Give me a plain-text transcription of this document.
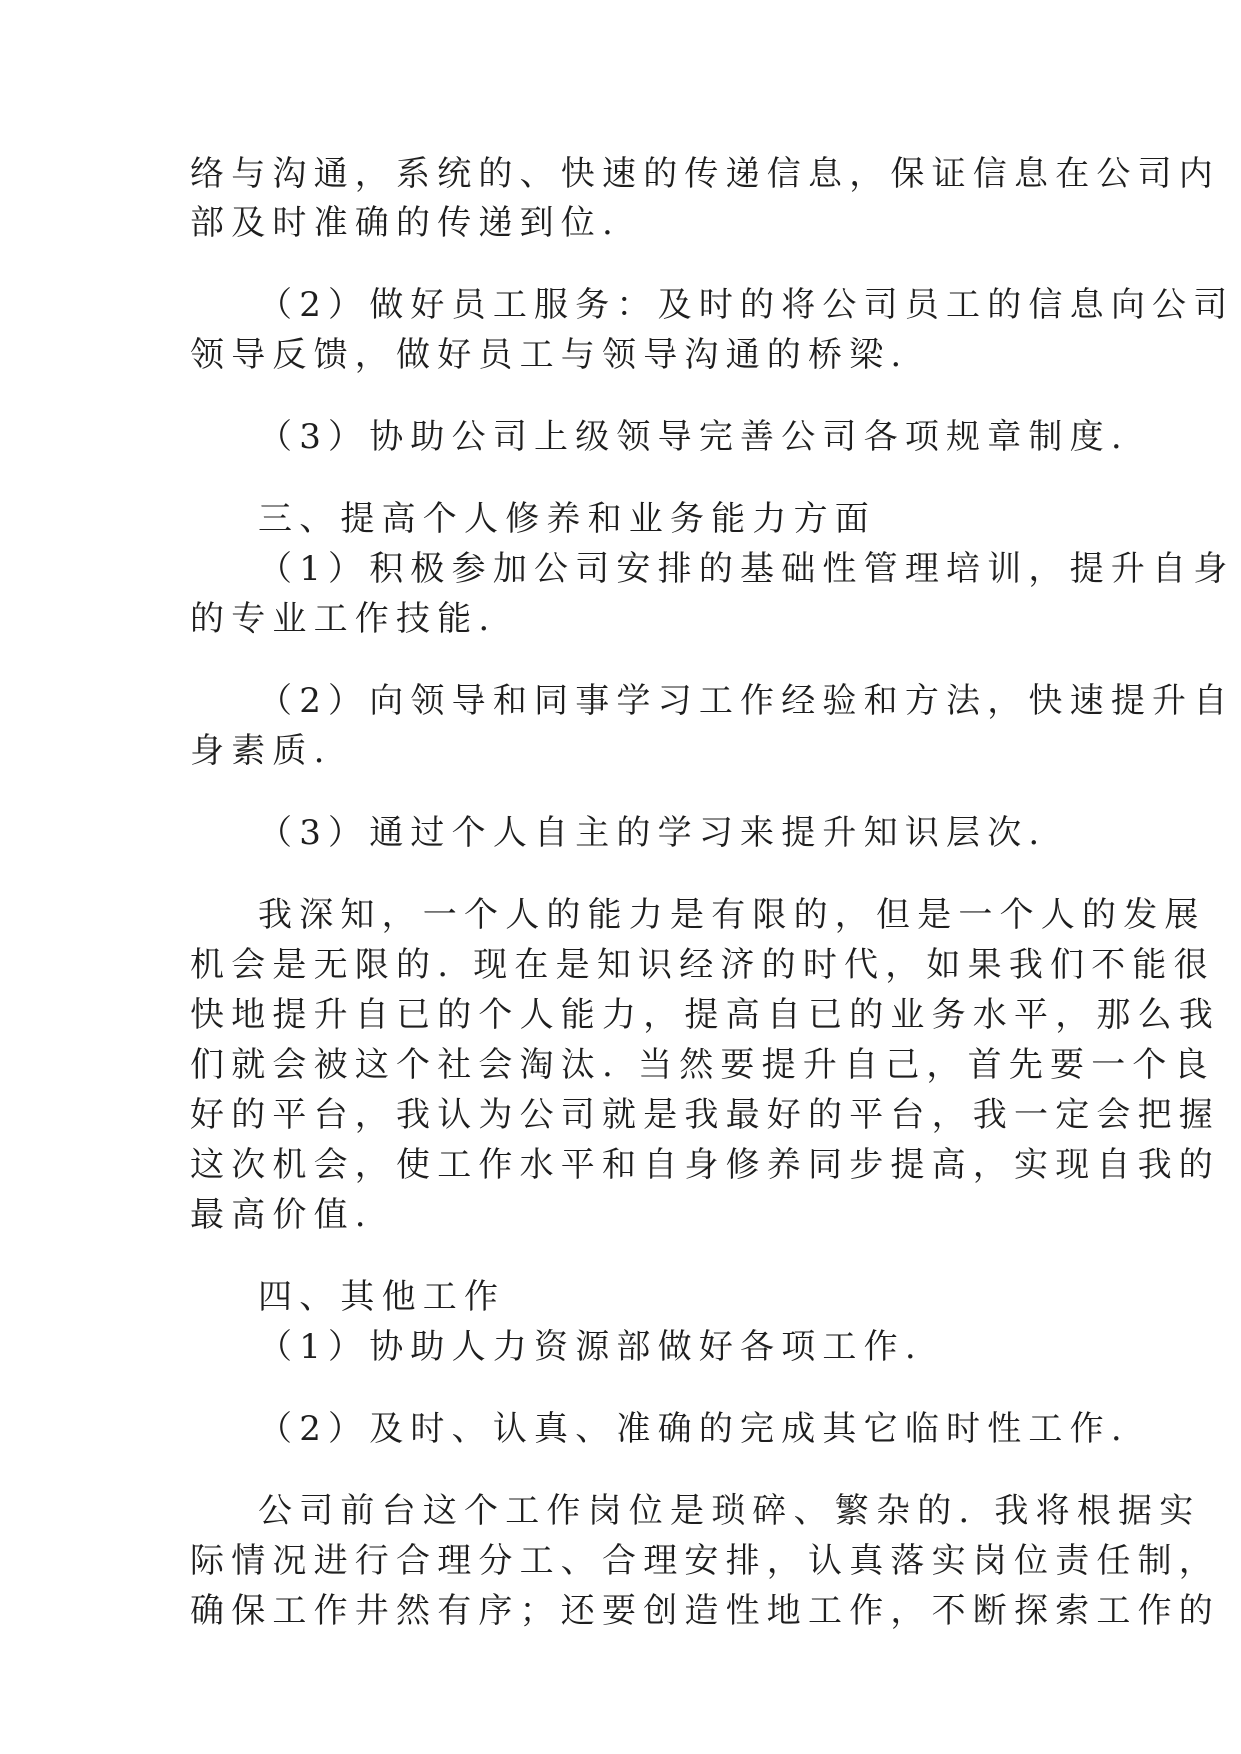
络与沟通，系统的、快速的传递信息，保证信息在公司内
部及时准确的传递到位.
（2）做好员工服务：及时的将公司员工的信息向公司
领导反馈，做好员工与领导沟通的桥梁.
（3）协助公司上级领导完善公司各项规章制度.
三、提高个人修养和业务能力方面
（1）积极参加公司安排的基础性管理培训，提升自身
的专业工作技能.
（2）向领导和同事学习工作经验和方法，快速提升自
身素质.
（3）通过个人自主的学习来提升知识层次.
我深知，一个人的能力是有限的，但是一个人的发展
机会是无限的. 现在是知识经济的时代，如果我们不能很
快地提升自已的个人能力，提高自已的业务水平，那么我
们就会被这个社会淘汰. 当然要提升自己，首先要一个良
好的平台，我认为公司就是我最好的平台，我一定会把握
这次机会，使工作水平和自身修养同步提高，实现自我的
最高价值.
四、其他工作
（1）协助人力资源部做好各项工作.
（2）及时、认真、准确的完成其它临时性工作.
公司前台这个工作岗位是琐碎、繁杂的. 我将根据实
际情况进行合理分工、合理安排，认真落实岗位责任制，
确保工作井然有序；还要创造性地工作，不断探索工作的
